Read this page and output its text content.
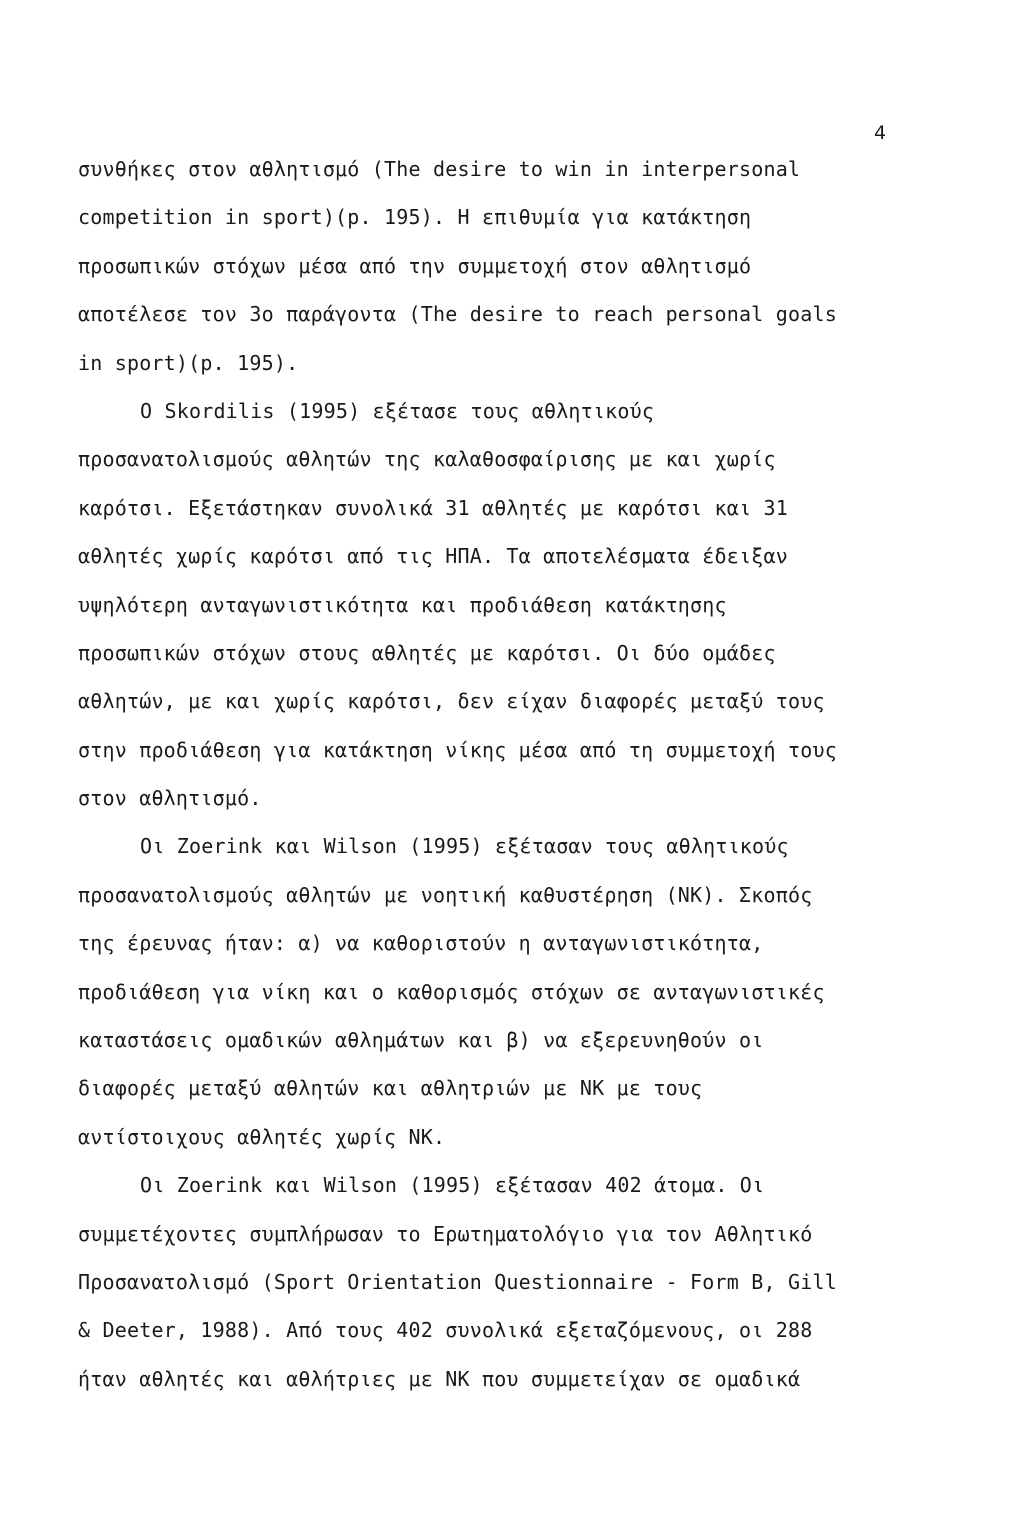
4
συνθήκες στον αθλητισμό (The desire to win in interpersonal
competition in sport)(p. 195). Η επιθυμία για κατάκτηση
προσωπικών στόχων μέσα από την συμμετοχή στον αθλητισμό
αποτέλεσε τον 3ο παράγοντα (The desire to reach personal goals
in sport)(p. 195).
O Skordilis (1995) εξέτασε τους αθλητικούς
προσανατολισμούς αθλητών της καλαθοσφαίρισης με και χωρίς
καρότσι. Εξετάστηκαν συνολικά 31 αθλητές με καρότσι και 31
αθλητές χωρίς καρότσι από τις ΗΠΑ. Τα αποτελέσματα έδειξαν
υψηλότερη ανταγωνιστικότητα και προδιάθεση κατάκτησης
προσωπικών στόχων στους αθλητές με καρότσι. Οι δύο ομάδες
αθλητών, με και χωρίς καρότσι, δεν είχαν διαφορές μεταξύ τους
στην προδιάθεση για κατάκτηση νίκης μέσα από τη συμμετοχή τους
στον αθλητισμό.
Οι Zoerink και Wilson (1995) εξέτασαν τους αθλητικούς
προσανατολισμούς αθλητών με νοητική καθυστέρηση (ΝΚ). Σκοπός
της έρευνας ήταν: α) να καθοριστούν η ανταγωνιστικότητα,
προδιάθεση για νίκη και ο καθορισμός στόχων σε ανταγωνιστικές
καταστάσεις ομαδικών αθλημάτων και β) να εξερευνηθούν οι
διαφορές μεταξύ αθλητών και αθλητριών με ΝΚ με τους
αντίστοιχους αθλητές χωρίς ΝΚ.
Οι Zoerink και Wilson (1995) εξέτασαν 402 άτομα. Οι
συμμετέχοντες συμπλήρωσαν το Ερωτηματολόγιο για τον Αθλητικό
Προσανατολισμό (Sport Orientation Questionnaire - Form B, Gill
& Deeter, 1988). Από τους 402 συνολικά εξεταζόμενους, οι 288
ήταν αθλητές και αθλήτριες με ΝΚ που συμμετείχαν σε ομαδικά
